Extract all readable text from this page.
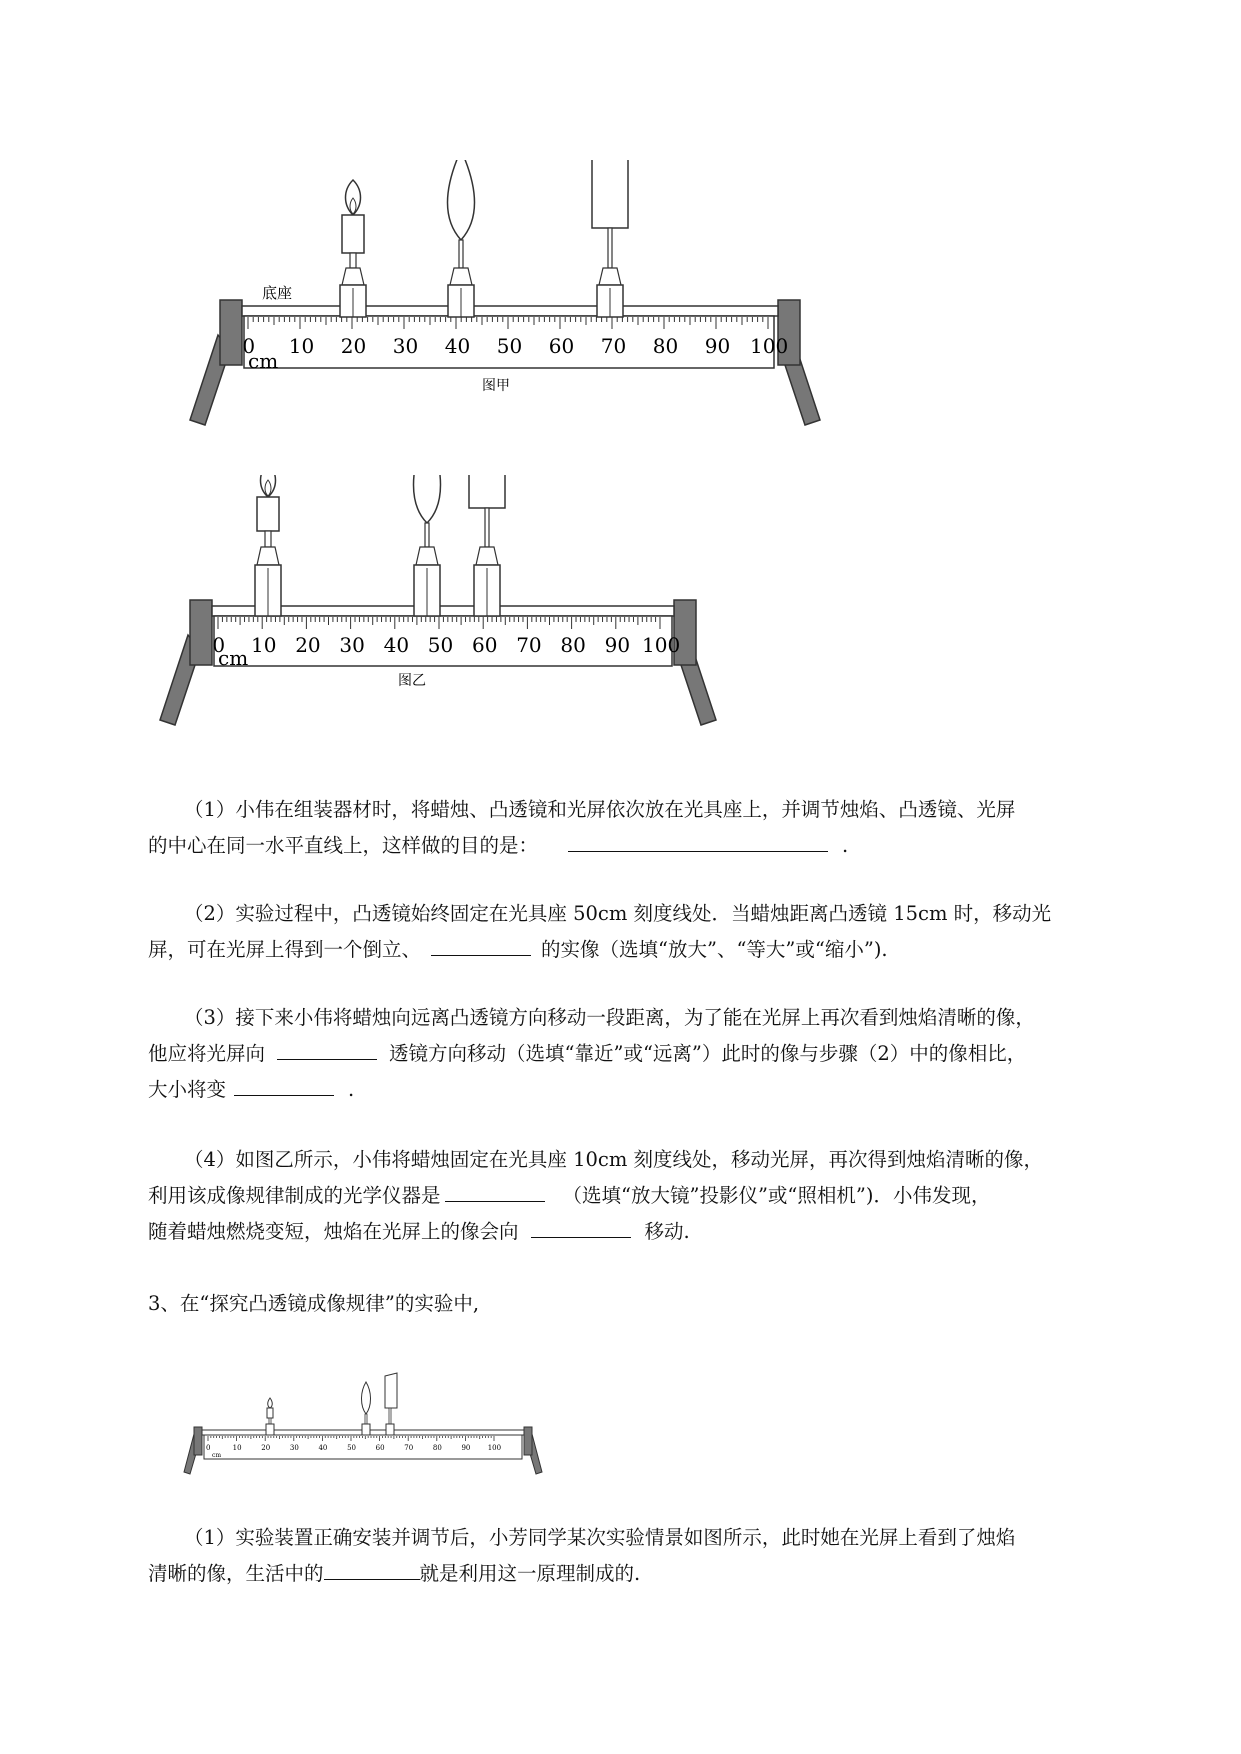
0 10 20 30 40 50 60 70 80 90 100
cm
底座
图甲
0 10 20 30 40 50 60 70 80 90 100
cm
图乙
（1）小伟在组装器材时，将蜡烛、凸透镜和光屏依次放在光具座上，并调节烛焰、凸透镜、光屏
的中心在同一水平直线上，这样做的目的是：	.
（2）实验过程中，凸透镜始终固定在光具座 50cm 刻度线处．当蜡烛距离凸透镜 15cm 时，移动光
屏，可在光屏上得到一个倒立、	的实像（选填“放大”、“等大”或“缩小”).
（3）接下来小伟将蜡烛向远离凸透镜方向移动一段距离，为了能在光屏上再次看到烛焰清晰的像，
他应将光屏向	透镜方向移动（选填“靠近”或“远离”）此时的像与步骤（2）中的像相比，
大小将变	.
（4）如图乙所示，小伟将蜡烛固定在光具座 10cm 刻度线处，移动光屏，再次得到烛焰清晰的像，
利用该成像规律制成的光学仪器是	（选填“放大镜”投影仪”或“照相机”)．小伟发现，
随着蜡烛燃烧变短，烛焰在光屏上的像会向	移动.
3、在“探究凸透镜成像规律”的实验中,
0	10	20	30	40	50	60	70	80	90 100
cm
（1）实验装置正确安装并调节后，小芳同学某次实验情景如图所示，此时她在光屏上看到了烛焰
清晰的像，生活中的	就是利用这一原理制成的.
